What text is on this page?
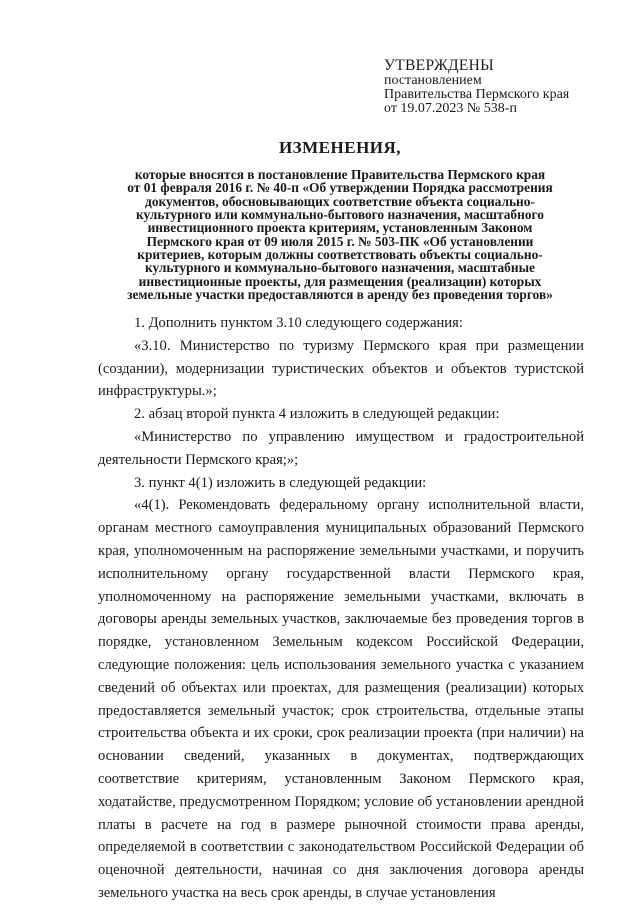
УТВЕРЖДЕНЫ
постановлением
Правительства Пермского края
от 19.07.2023 № 538-п
ИЗМЕНЕНИЯ,
которые вносятся в постановление Правительства Пермского края
от 01 февраля 2016 г. № 40-п «Об утверждении Порядка рассмотрения
документов, обосновывающих соответствие объекта социально-
культурного или коммунально-бытового назначения, масштабного
инвестиционного проекта критериям, установленным Законом
Пермского края от 09 июля 2015 г. № 503-ПК «Об установлении
критериев, которым должны соответствовать объекты социально-
культурного и коммунально-бытового назначения, масштабные
инвестиционные проекты, для размещения (реализации) которых
земельные участки предоставляются в аренду без проведения торгов»

1. Дополнить пунктом 3.10 следующего содержания:

«3.10. Министерство по туризму Пермского края при размещении (создании), модернизации туристических объектов и объектов туристской инфраструктуры.»;

2. абзац второй пункта 4 изложить в следующей редакции:

«Министерство по управлению имуществом и градостроительной деятельности Пермского края;»;

3. пункт 4(1) изложить в следующей редакции:

«4(1). Рекомендовать федеральному органу исполнительной власти, органам местного самоуправления муниципальных образований Пермского края, уполномоченным на распоряжение земельными участками, и поручить исполнительному органу государственной власти Пермского края, уполномоченному на распоряжение земельными участками, включать в договоры аренды земельных участков, заключаемые без проведения торгов в порядке, установленном Земельным кодексом Российской Федерации, следующие положения: цель использования земельного участка с указанием сведений об объектах или проектах, для размещения (реализации) которых предоставляется земельный участок; срок строительства, отдельные этапы строительства объекта и их сроки, срок реализации проекта (при наличии) на основании сведений, указанных в документах, подтверждающих соответствие критериям, установленным Законом Пермского края, ходатайстве, предусмотренном Порядком; условие об установлении арендной платы в расчете на год в размере рыночной стоимости права аренды, определяемой в соответствии с законодательством Российской Федерации об оценочной деятельности, начиная со дня заключения договора аренды земельного участка на весь срок аренды, в случае установления
